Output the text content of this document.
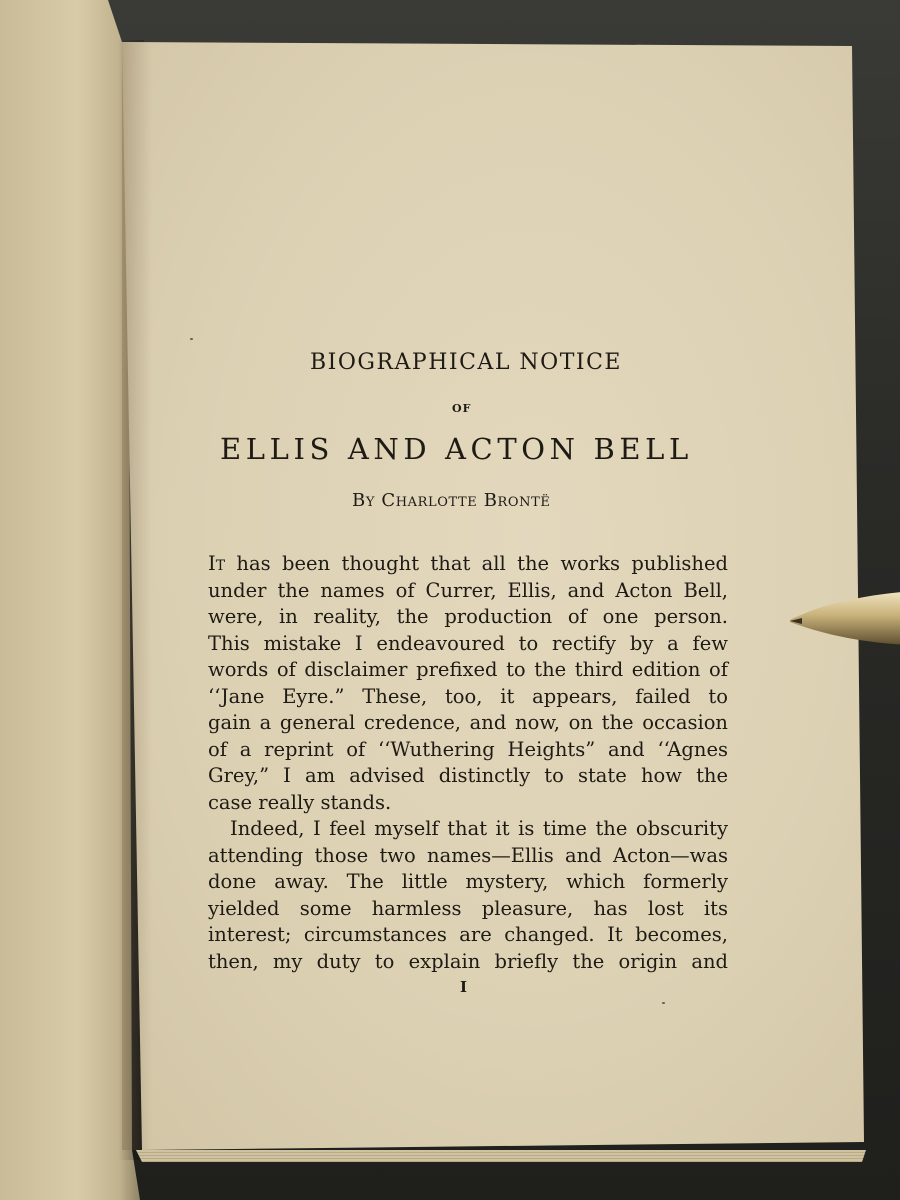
BIOGRAPHICAL NOTICE
OF
ELLIS AND ACTON BELL
By Charlotte Brontë
It has been thought that all the works published
under the names of Currer, Ellis, and Acton Bell,
were, in reality, the production of one person.
This mistake I endeavoured to rectify by a few
words of disclaimer prefixed to the third edition of
‘‘Jane Eyre.” These, too, it appears, failed to
gain a general credence, and now, on the occasion
of a reprint of ‘‘Wuthering Heights” and ‘‘Agnes
Grey,” I am advised distinctly to state how the
case really stands.
Indeed, I feel myself that it is time the obscurity
attending those two names—Ellis and Acton—was
done away. The little mystery, which formerly
yielded some harmless pleasure, has lost its
interest; circumstances are changed. It becomes,
then, my duty to explain briefly the origin and
I
